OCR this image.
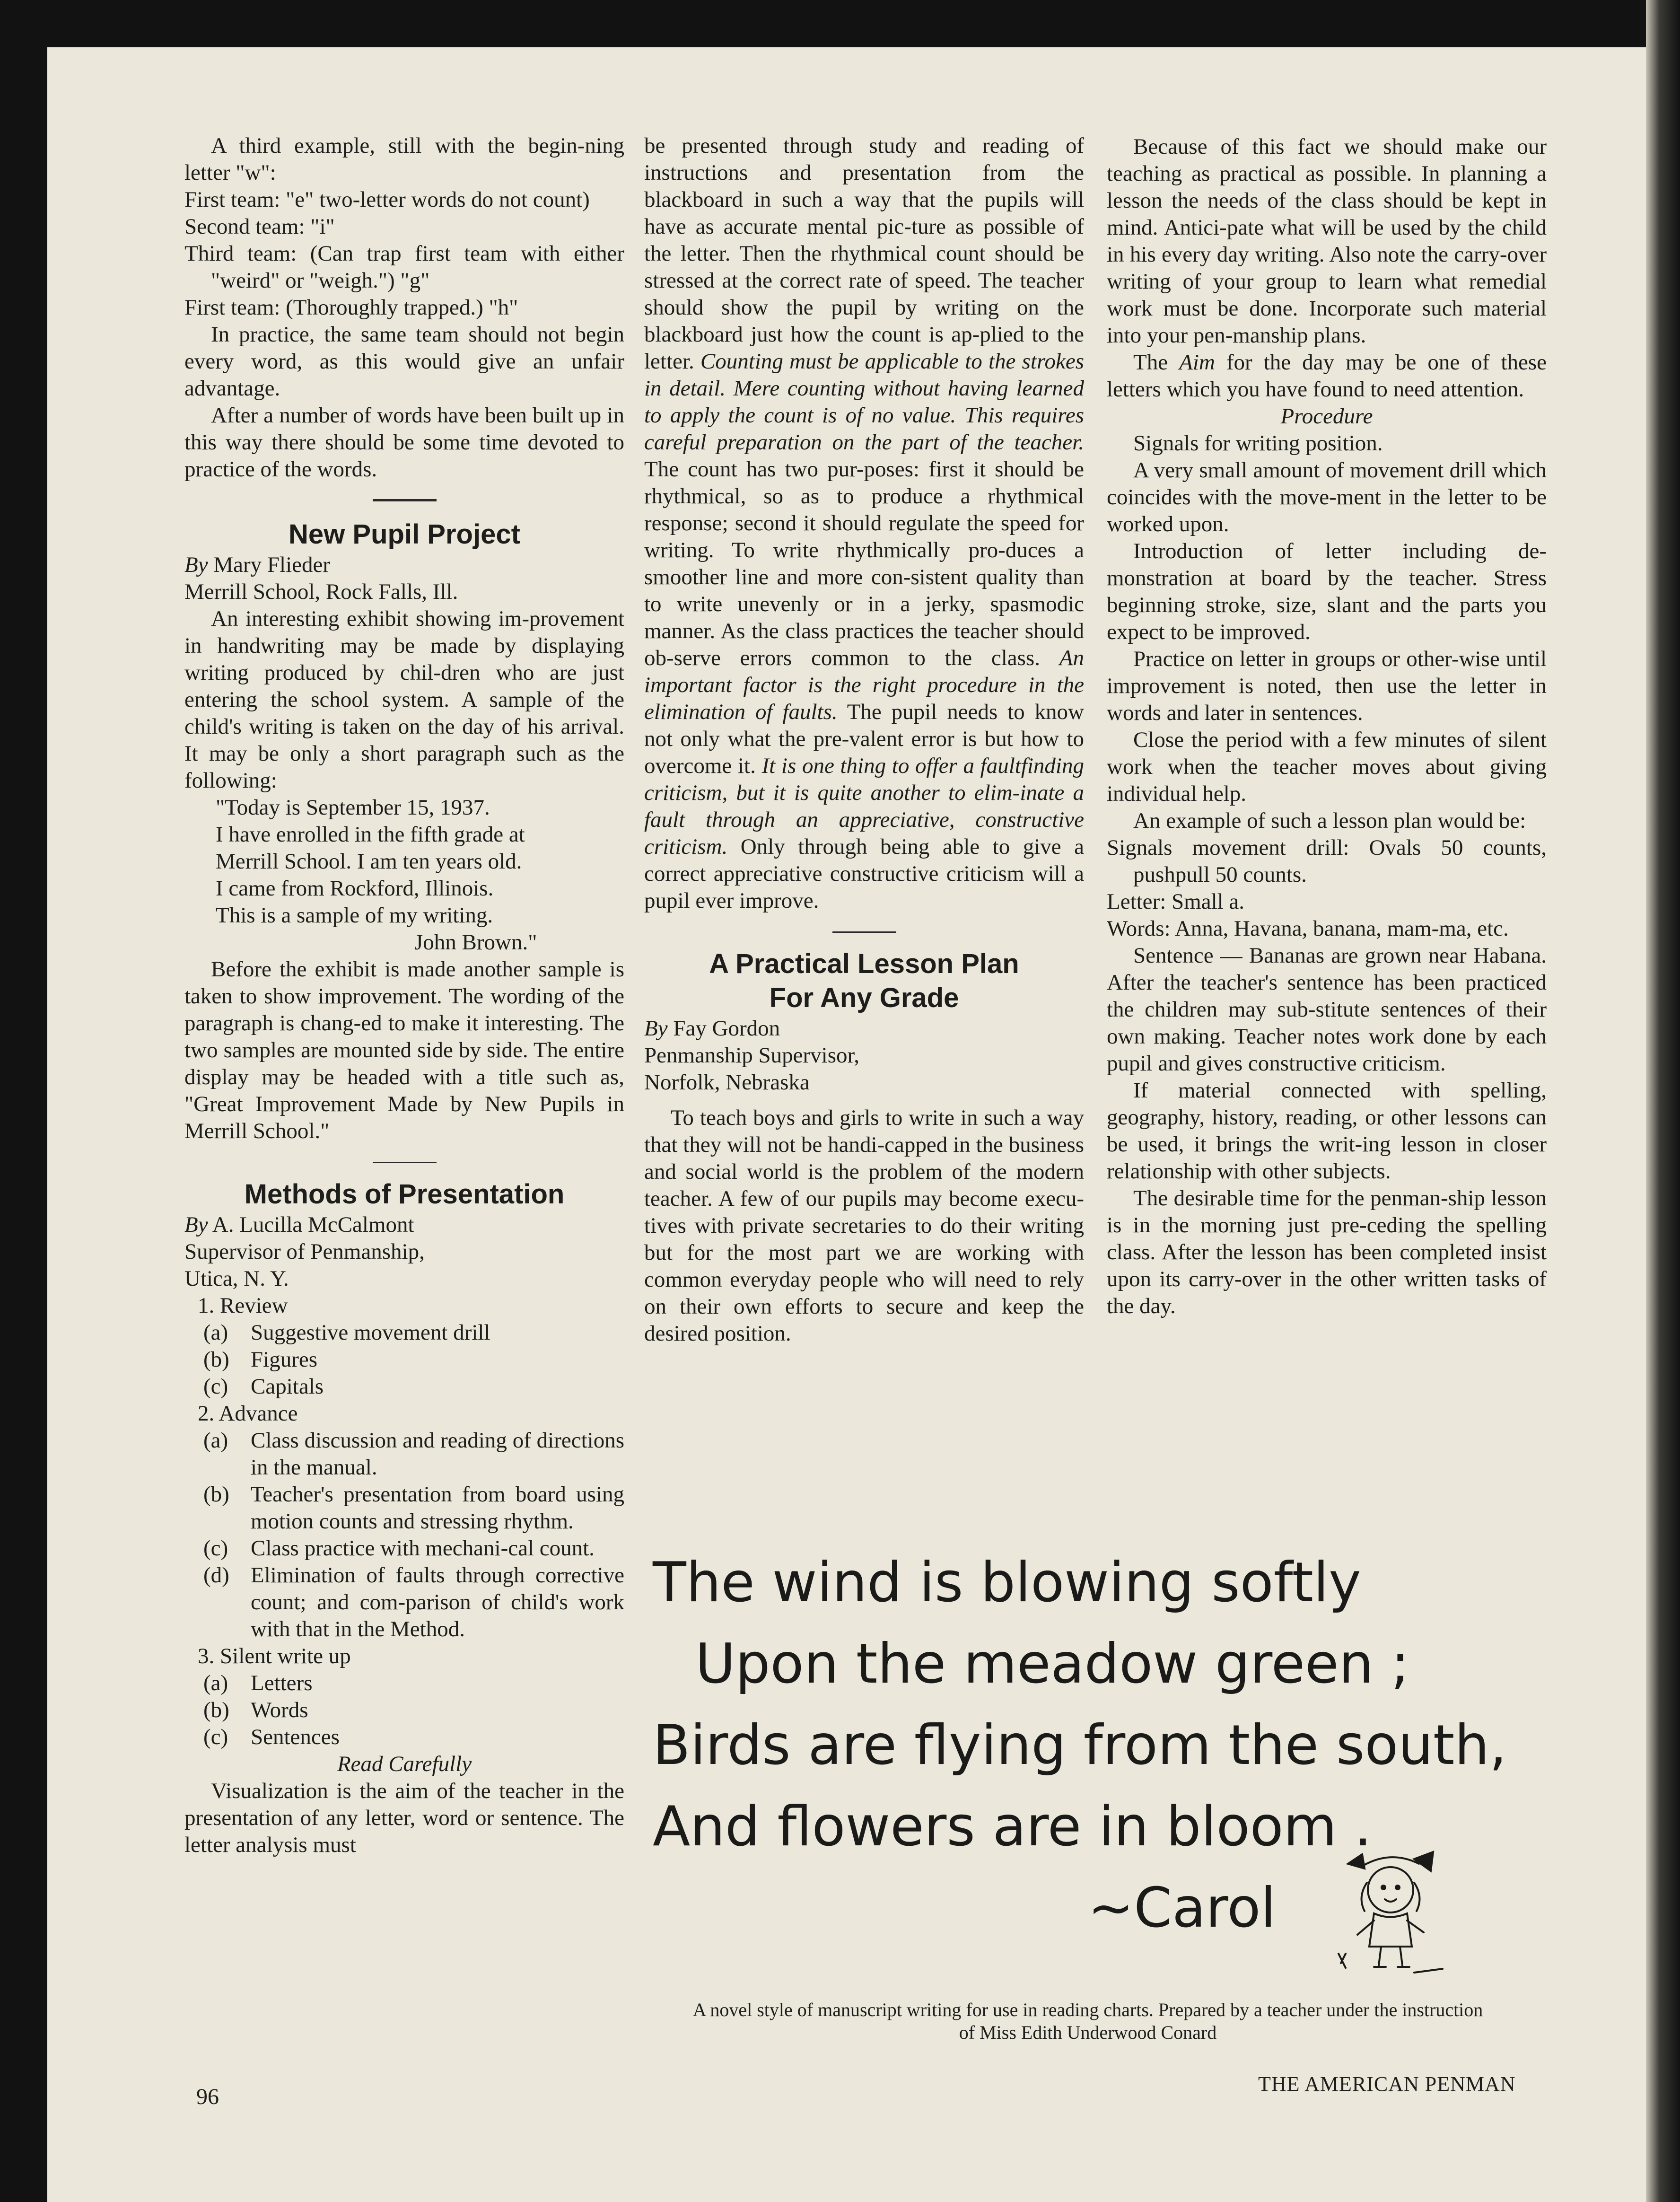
A third example, still with the begin-ning letter "w":

First team: "e" two-letter words do not count)

Second team: "i"

Third team: (Can trap first team with either "weird" or "weigh.") "g"

First team: (Thoroughly trapped.) "h"

In practice, the same team should not begin every word, as this would give an unfair advantage.

After a number of words have been built up in this way there should be some time devoted to practice of the words.

New Pupil Project

By Mary Flieder

Merrill School, Rock Falls, Ill.

An interesting exhibit showing im-provement in handwriting may be made by displaying writing produced by chil-dren who are just entering the school system. A sample of the child's writing is taken on the day of his arrival. It may be only a short paragraph such as the following:

"Today is September 15, 1937.

I have enrolled in the fifth grade at

Merrill School. I am ten years old.

I came from Rockford, Illinois.

This is a sample of my writing.

John Brown."

Before the exhibit is made another sample is taken to show improvement. The wording of the paragraph is chang-ed to make it interesting. The two samples are mounted side by side. The entire display may be headed with a title such as, "Great Improvement Made by New Pupils in Merrill School."

Methods of Presentation

By A. Lucilla McCalmont

Supervisor of Penmanship,

Utica, N. Y.

1. Review

(a) Suggestive movement drill

(b) Figures

(c) Capitals

2. Advance

(a) Class discussion and reading of directions in the manual.

(b) Teacher's presentation from board using motion counts and stressing rhythm.

(c) Class practice with mechani-cal count.

(d) Elimination of faults through corrective count; and com-parison of child's work with that in the Method.

3. Silent write up

(a) Letters

(b) Words

(c) Sentences

Read Carefully

Visualization is the aim of the teacher in the presentation of any letter, word or sentence. The letter analysis must

be presented through study and reading of instructions and presentation from the blackboard in such a way that the pupils will have as accurate mental pic-ture as possible of the letter. Then the rhythmical count should be stressed at the correct rate of speed. The teacher should show the pupil by writing on the blackboard just how the count is ap-plied to the letter. Counting must be applicable to the strokes in detail. Mere counting without having learned to apply the count is of no value. This requires careful preparation on the part of the teacher. The count has two pur-poses: first it should be rhythmical, so as to produce a rhythmical response; second it should regulate the speed for writing. To write rhythmically pro-duces a smoother line and more con-sistent quality than to write unevenly or in a jerky, spasmodic manner. As the class practices the teacher should ob-serve errors common to the class. An important factor is the right procedure in the elimination of faults. The pupil needs to know not only what the pre-valent error is but how to overcome it. It is one thing to offer a faultfinding criticism, but it is quite another to elim-inate a fault through an appreciative, constructive criticism. Only through being able to give a correct appreciative constructive criticism will a pupil ever improve.

A Practical Lesson Plan
For Any Grade

By Fay Gordon

Penmanship Supervisor,

Norfolk, Nebraska

To teach boys and girls to write in such a way that they will not be handi-capped in the business and social world is the problem of the modern teacher. A few of our pupils may become execu-tives with private secretaries to do their writing but for the most part we are working with common everyday people who will need to rely on their own efforts to secure and keep the desired position.

Because of this fact we should make our teaching as practical as possible. In planning a lesson the needs of the class should be kept in mind. Antici-pate what will be used by the child in his every day writing. Also note the carry-over writing of your group to learn what remedial work must be done. Incorporate such material into your pen-manship plans.

The Aim for the day may be one of these letters which you have found to need attention.

Procedure

Signals for writing position.

A very small amount of movement drill which coincides with the move-ment in the letter to be worked upon.

Introduction of letter including de-monstration at board by the teacher. Stress beginning stroke, size, slant and the parts you expect to be improved.

Practice on letter in groups or other-wise until improvement is noted, then use the letter in words and later in sentences.

Close the period with a few minutes of silent work when the teacher moves about giving individual help.

An example of such a lesson plan would be:

Signals movement drill: Ovals 50 counts, pushpull 50 counts.

Letter: Small a.

Words: Anna, Havana, banana, mam-ma, etc.

Sentence — Bananas are grown near Habana. After the teacher's sentence has been practiced the children may sub-stitute sentences of their own making. Teacher notes work done by each pupil and gives constructive criticism.

If material connected with spelling, geography, history, reading, or other lessons can be used, it brings the writ-ing lesson in closer relationship with other subjects.

The desirable time for the penman-ship lesson is in the morning just pre-ceding the spelling class. After the lesson has been completed insist upon its carry-over in the other written tasks of the day.

The wind is blowing softly
Upon the meadow green ;
Birds are flying from the south,
And flowers are in bloom .
~Carol
A novel style of manuscript writing for use in reading charts. Prepared by a teacher under the instruction of Miss Edith Underwood Conard
96
THE AMERICAN PENMAN
